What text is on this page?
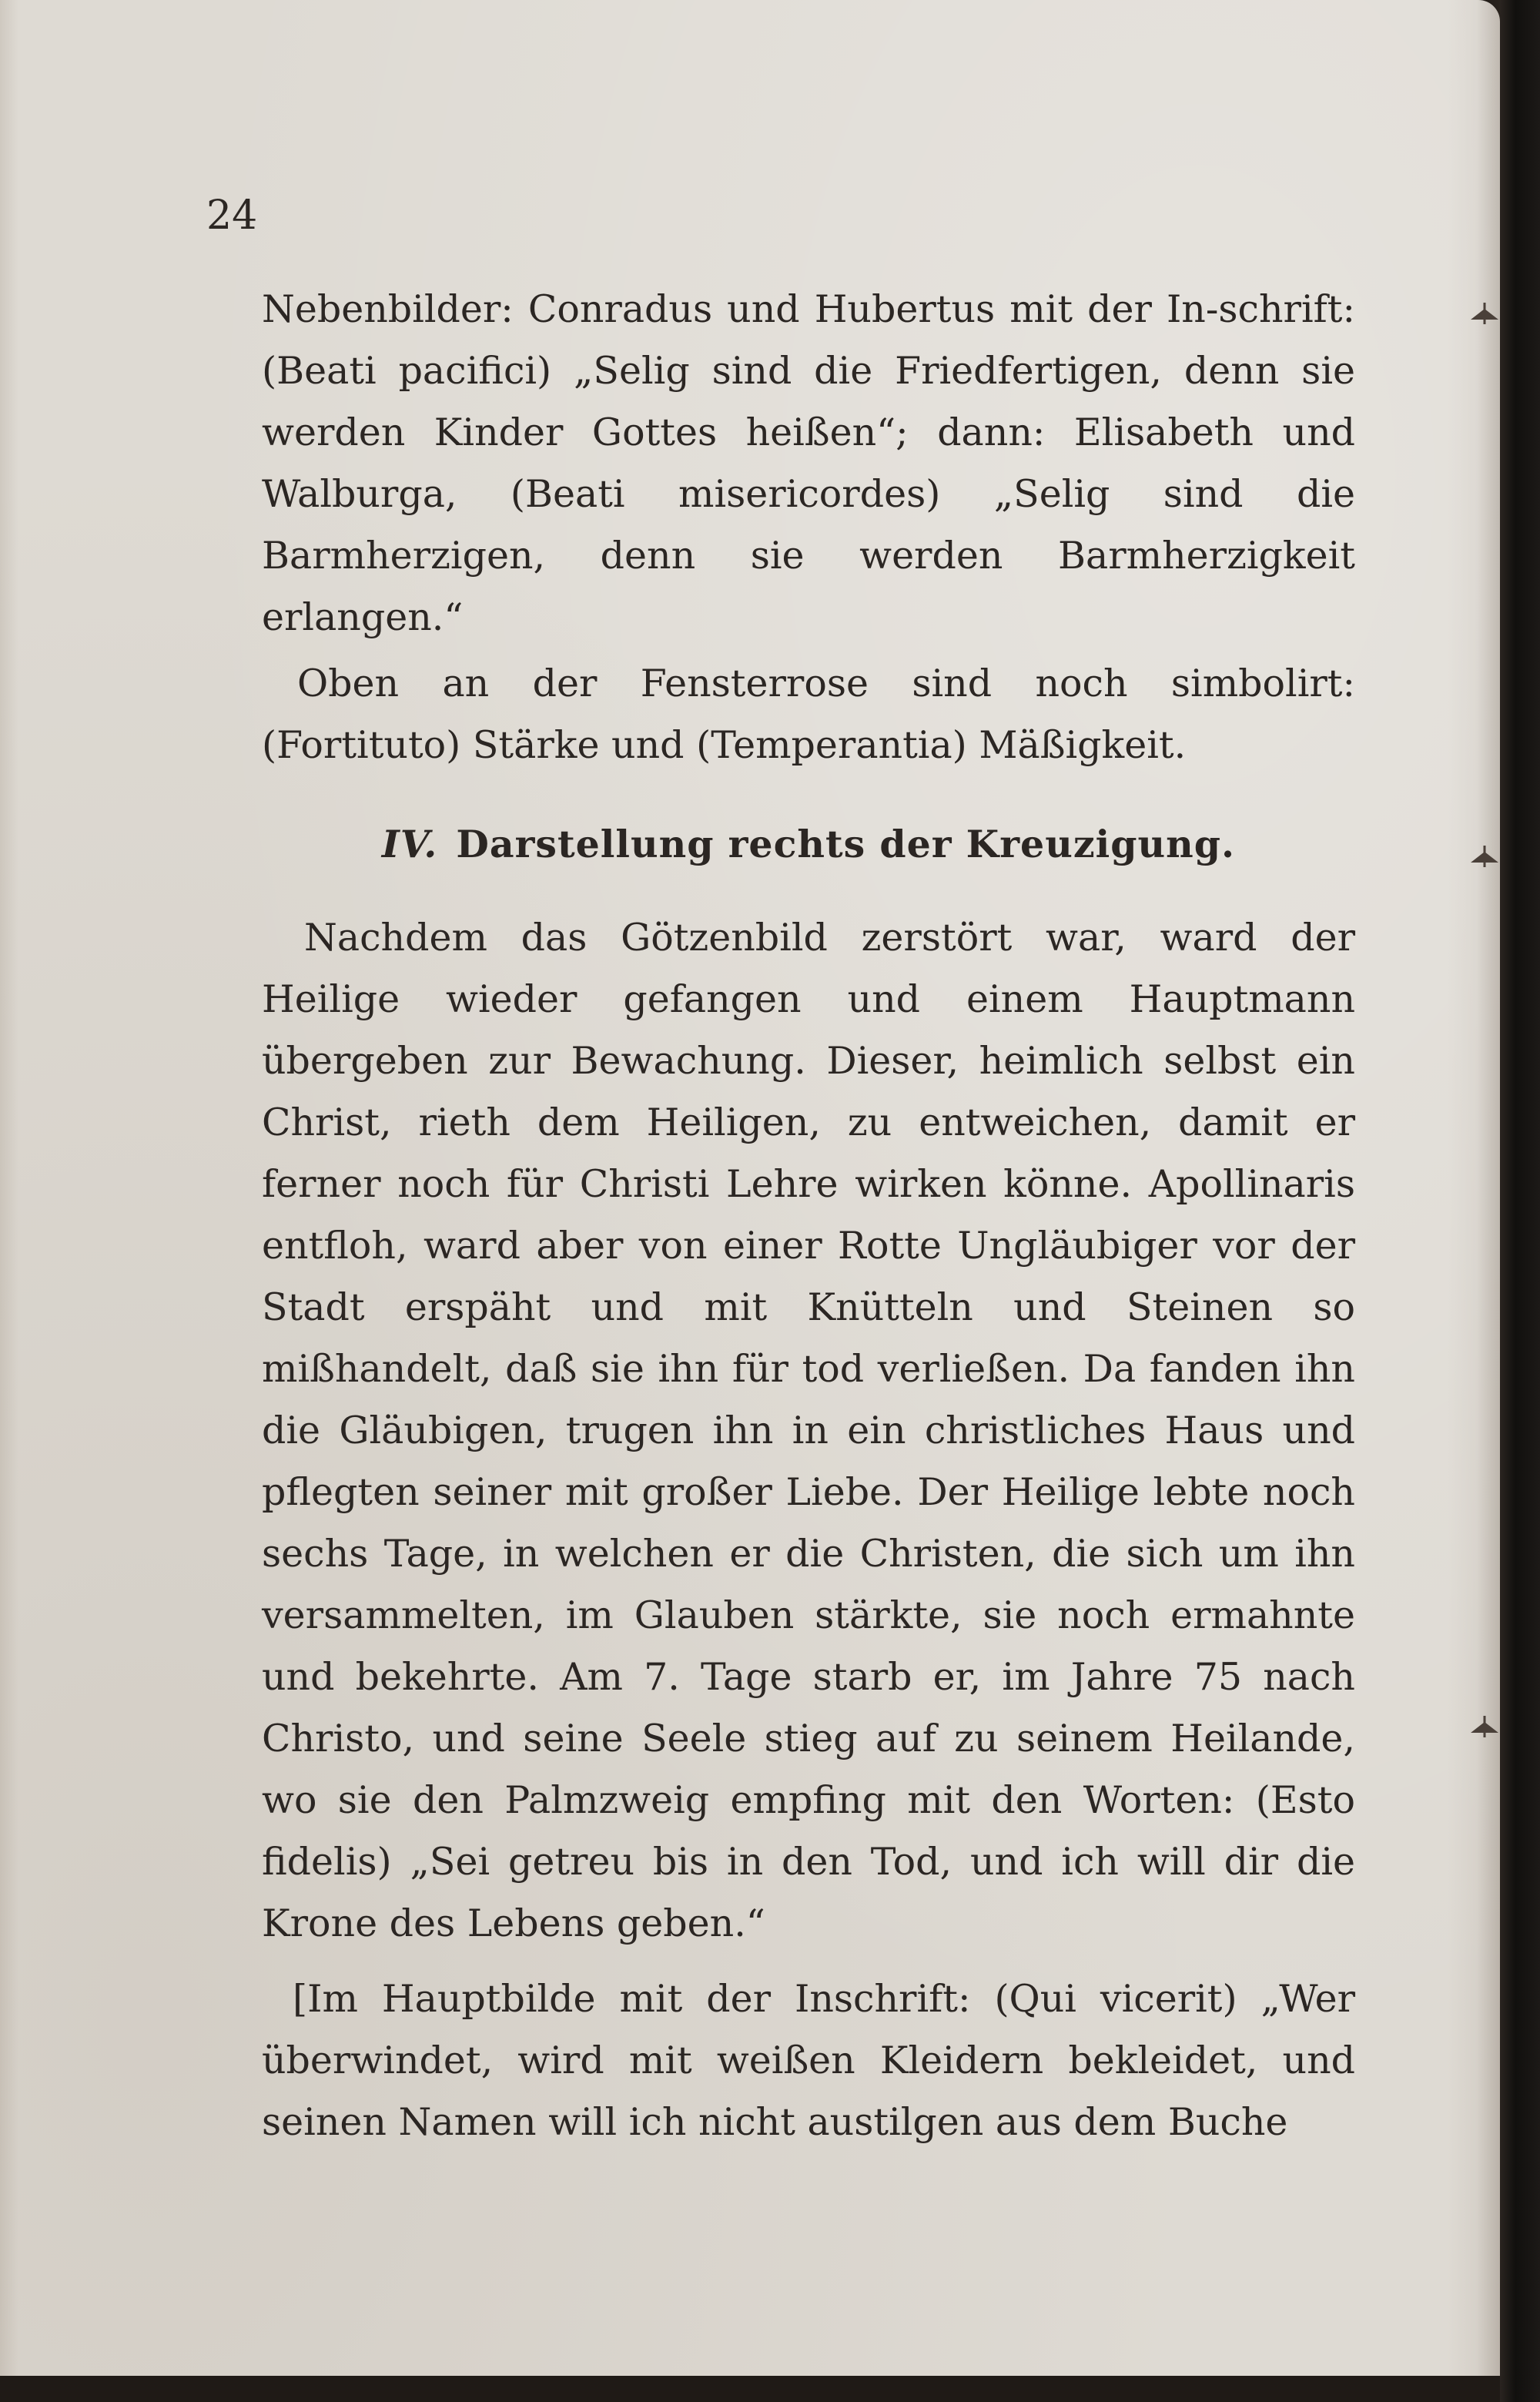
24

Nebenbilder: Conradus und Hubertus mit der In-schrift: (Beati pacifici) „Selig sind die Friedfertigen, denn sie werden Kinder Gottes heißen“; dann: Elisabeth und Walburga, (Beati misericordes) „Selig sind die Barmherzigen, denn sie werden Barmherzigkeit erlangen.“

Oben an der Fensterrose sind noch simbolirt: (Fortituto) Stärke und (Temperantia) Mäßigkeit.

IV. Darstellung rechts der Kreuzigung.

Nachdem das Götzenbild zerstört war, ward der Heilige wieder gefangen und einem Hauptmann übergeben zur Bewachung. Dieser, heimlich selbst ein Christ, rieth dem Heiligen, zu entweichen, damit er ferner noch für Christi Lehre wirken könne. Apollinaris entfloh, ward aber von einer Rotte Ungläubiger vor der Stadt erspäht und mit Knütteln und Steinen so mißhandelt, daß sie ihn für tod verließen. Da fanden ihn die Gläubigen, trugen ihn in ein christliches Haus und pflegten seiner mit großer Liebe. Der Heilige lebte noch sechs Tage, in welchen er die Christen, die sich um ihn versammelten, im Glauben stärkte, sie noch ermahnte und bekehrte. Am 7. Tage starb er, im Jahre 75 nach Christo, und seine Seele stieg auf zu seinem Heilande, wo sie den Palmzweig empfing mit den Worten: (Esto fidelis) „Sei getreu bis in den Tod, und ich will dir die Krone des Lebens geben.“

[Im Hauptbilde mit der Inschrift: (Qui vicerit) „Wer überwindet, wird mit weißen Kleidern bekleidet, und seinen Namen will ich nicht austilgen aus dem Buche
